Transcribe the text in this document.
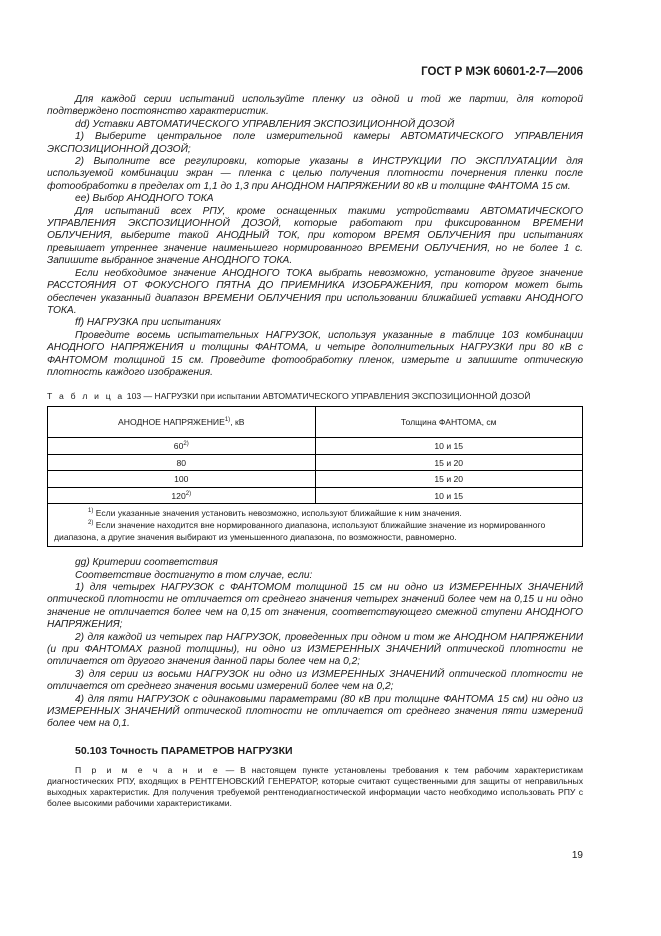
ГОСТ Р МЭК 60601-2-7—2006
Для каждой серии испытаний используйте пленку из одной и той же партии, для которой подтверждено постоянство характеристик.
dd) Уставки АВТОМАТИЧЕСКОГО УПРАВЛЕНИЯ ЭКСПОЗИЦИОННОЙ ДОЗОЙ
1) Выберите центральное поле измерительной камеры АВТОМАТИЧЕСКОГО УПРАВЛЕНИЯ ЭКСПОЗИЦИОННОЙ ДОЗОЙ;
2) Выполните все регулировки, которые указаны в ИНСТРУКЦИИ ПО ЭКСПЛУАТАЦИИ для используемой комбинации экран — пленка с целью получения плотности почернения пленки после фотообработки в пределах от 1,1 до 1,3 при АНОДНОМ НАПРЯЖЕНИИ 80 кВ и толщине ФАНТОМА 15 см.
ee) Выбор АНОДНОГО ТОКА
Для испытаний всех РПУ, кроме оснащенных такими устройствами АВТОМАТИЧЕСКОГО УПРАВЛЕНИЯ ЭКСПОЗИЦИОННОЙ ДОЗОЙ, которые работают при фиксированном ВРЕМЕНИ ОБЛУЧЕНИЯ, выберите такой АНОДНЫЙ ТОК, при котором ВРЕМЯ ОБЛУЧЕНИЯ при испытаниях превышает утреннее значение наименьшего нормированного ВРЕМЕНИ ОБЛУЧЕНИЯ, но не более 1 с. Запишите выбранное значение АНОДНОГО ТОКА.
Если необходимое значение АНОДНОГО ТОКА выбрать невозможно, установите другое значение РАССТОЯНИЯ ОТ ФОКУСНОГО ПЯТНА ДО ПРИЕМНИКА ИЗОБРАЖЕНИЯ, при котором может быть обеспечен указанный диапазон ВРЕМЕНИ ОБЛУЧЕНИЯ при использовании ближайшей уставки АНОДНОГО ТОКА.
ff) НАГРУЗКА при испытаниях
Проведите восемь испытательных НАГРУЗОК, используя указанные в таблице 103 комбинации АНОДНОГО НАПРЯЖЕНИЯ и толщины ФАНТОМА, и четыре дополнительных НАГРУЗКИ при 80 кВ с ФАНТОМОМ толщиной 15 см. Проведите фотообработку пленок, измерьте и запишите оптическую плотность каждого изображения.
Т а б л и ц а 103 — НАГРУЗКИ при испытании АВТОМАТИЧЕСКОГО УПРАВЛЕНИЯ ЭКСПОЗИЦИОННОЙ ДОЗОЙ
АНОДНОЕ НАПРЯЖЕНИЕ$^{1)}$, кВ	Толщина ФАНТОМА, см
60$^{2)}$	10 и 15
80	15 и 20
100	15 и 20
120$^{2)}$	10 и 15

$^{1)}$ Если указанные значения установить невозможно, используют ближайшие к ним значения.
$^{2)}$ Если значение находится вне нормированного диапазона, используют ближайшие значение из нормированного диапазона, а другие значения выбирают из уменьшенного диапазона, по возможности, равномерно.	
gg) Критерии соответствия
Соответствие достигнуто в том случае, если:
1) для четырех НАГРУЗОК с ФАНТОМОМ толщиной 15 см ни одно из ИЗМЕРЕННЫХ ЗНАЧЕНИЙ оптической плотности не отличается от среднего значения четырех значений более чем на 0,15 и ни одно значение не отличается более чем на 0,15 от значения, соответствующего смежной ступени АНОДНОГО НАПРЯЖЕНИЯ;
2) для каждой из четырех пар НАГРУЗОК, проведенных при одном и том же АНОДНОМ НАПРЯЖЕНИИ (и при ФАНТОМАХ разной толщины), ни одно из ИЗМЕРЕННЫХ ЗНАЧЕНИЙ оптической плотности не отличается от другого значения данной пары более чем на 0,2;
3) для серии из восьми НАГРУЗОК ни одно из ИЗМЕРЕННЫХ ЗНАЧЕНИЙ оптической плотности не отличается от среднего значения восьми измерений более чем на 0,2;
4) для пяти НАГРУЗОК с одинаковыми параметрами (80 кВ при толщине ФАНТОМА 15 см) ни одно из ИЗМЕРЕННЫХ ЗНАЧЕНИЙ оптической плотности не отличается от среднего значения пяти измерений более чем на 0,1.
50.103 Точность ПАРАМЕТРОВ НАГРУЗКИ
П р и м е ч а н и е — В настоящем пункте установлены требования к тем рабочим характеристикам диагностических РПУ, входящих в РЕНТГЕНОВСКИЙ ГЕНЕРАТОР, которые считают существенными для защиты от неправильных выходных характеристик. Для получения требуемой рентгенодиагностической информации часто необходимо использовать РПУ с более высокими рабочими характеристиками.
19
